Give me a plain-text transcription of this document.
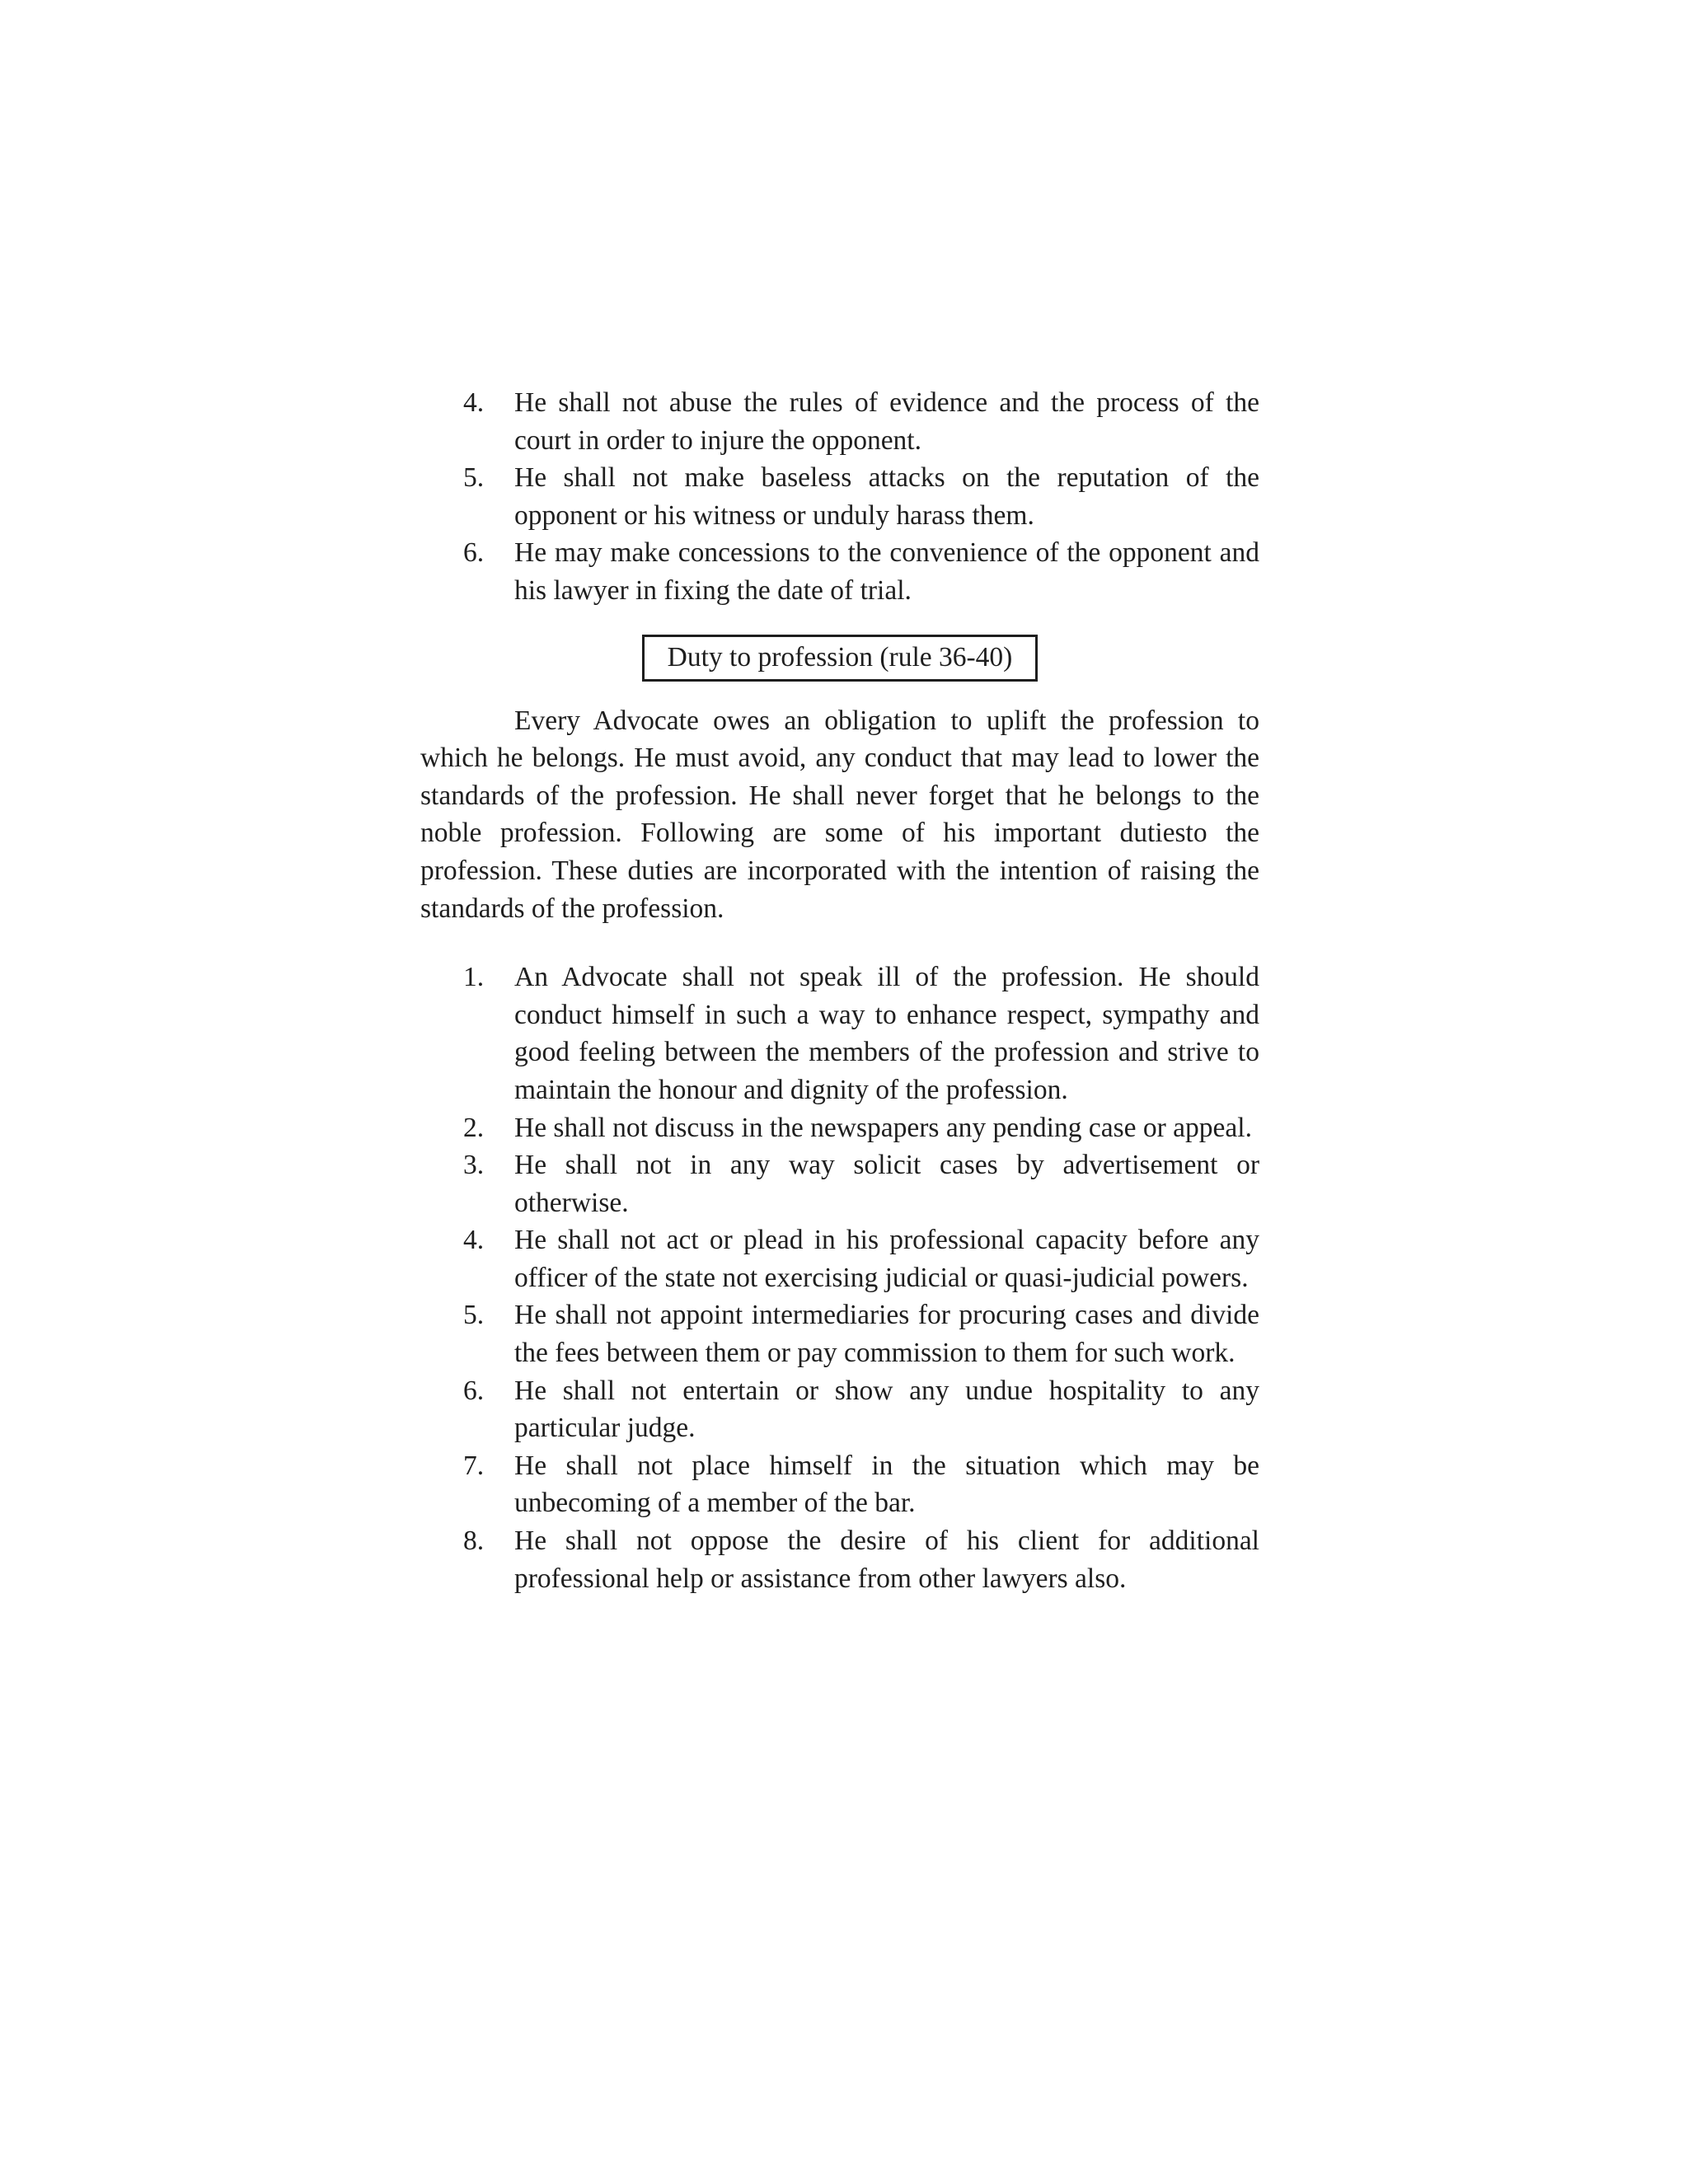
4. He shall not abuse the rules of evidence and the process of the court in order to injure the opponent.
5. He shall not make baseless attacks on the reputation of the opponent or his witness or unduly harass them.
6. He may make concessions to the convenience of the opponent and his lawyer in fixing the date of trial.
Duty to profession (rule 36-40)

Every Advocate owes an obligation to uplift the profession to which he belongs. He must avoid, any conduct that may lead to lower the standards of the profession. He shall never forget that he belongs to the noble profession. Following are some of his important dutiesto the profession. These duties are incorporated with the intention of raising the standards of the profession.

1. An Advocate shall not speak ill of the profession. He should conduct himself in such a way to enhance respect, sympathy and good feeling between the members of the profession and strive to maintain the honour and dignity of the profession.
2. He shall not discuss in the newspapers any pending case or appeal.
3. He shall not in any way solicit cases by advertisement or otherwise.
4. He shall not act or plead in his professional capacity before any officer of the state not exercising judicial or quasi-judicial powers.
5. He shall not appoint intermediaries for procuring cases and divide the fees between them or pay commission to them for such work.
6. He shall not entertain or show any undue hospitality to any particular judge.
7. He shall not place himself in the situation which may be unbecoming of a member of the bar.
8. He shall not oppose the desire of his client for additional professional help or assistance from other lawyers also.
